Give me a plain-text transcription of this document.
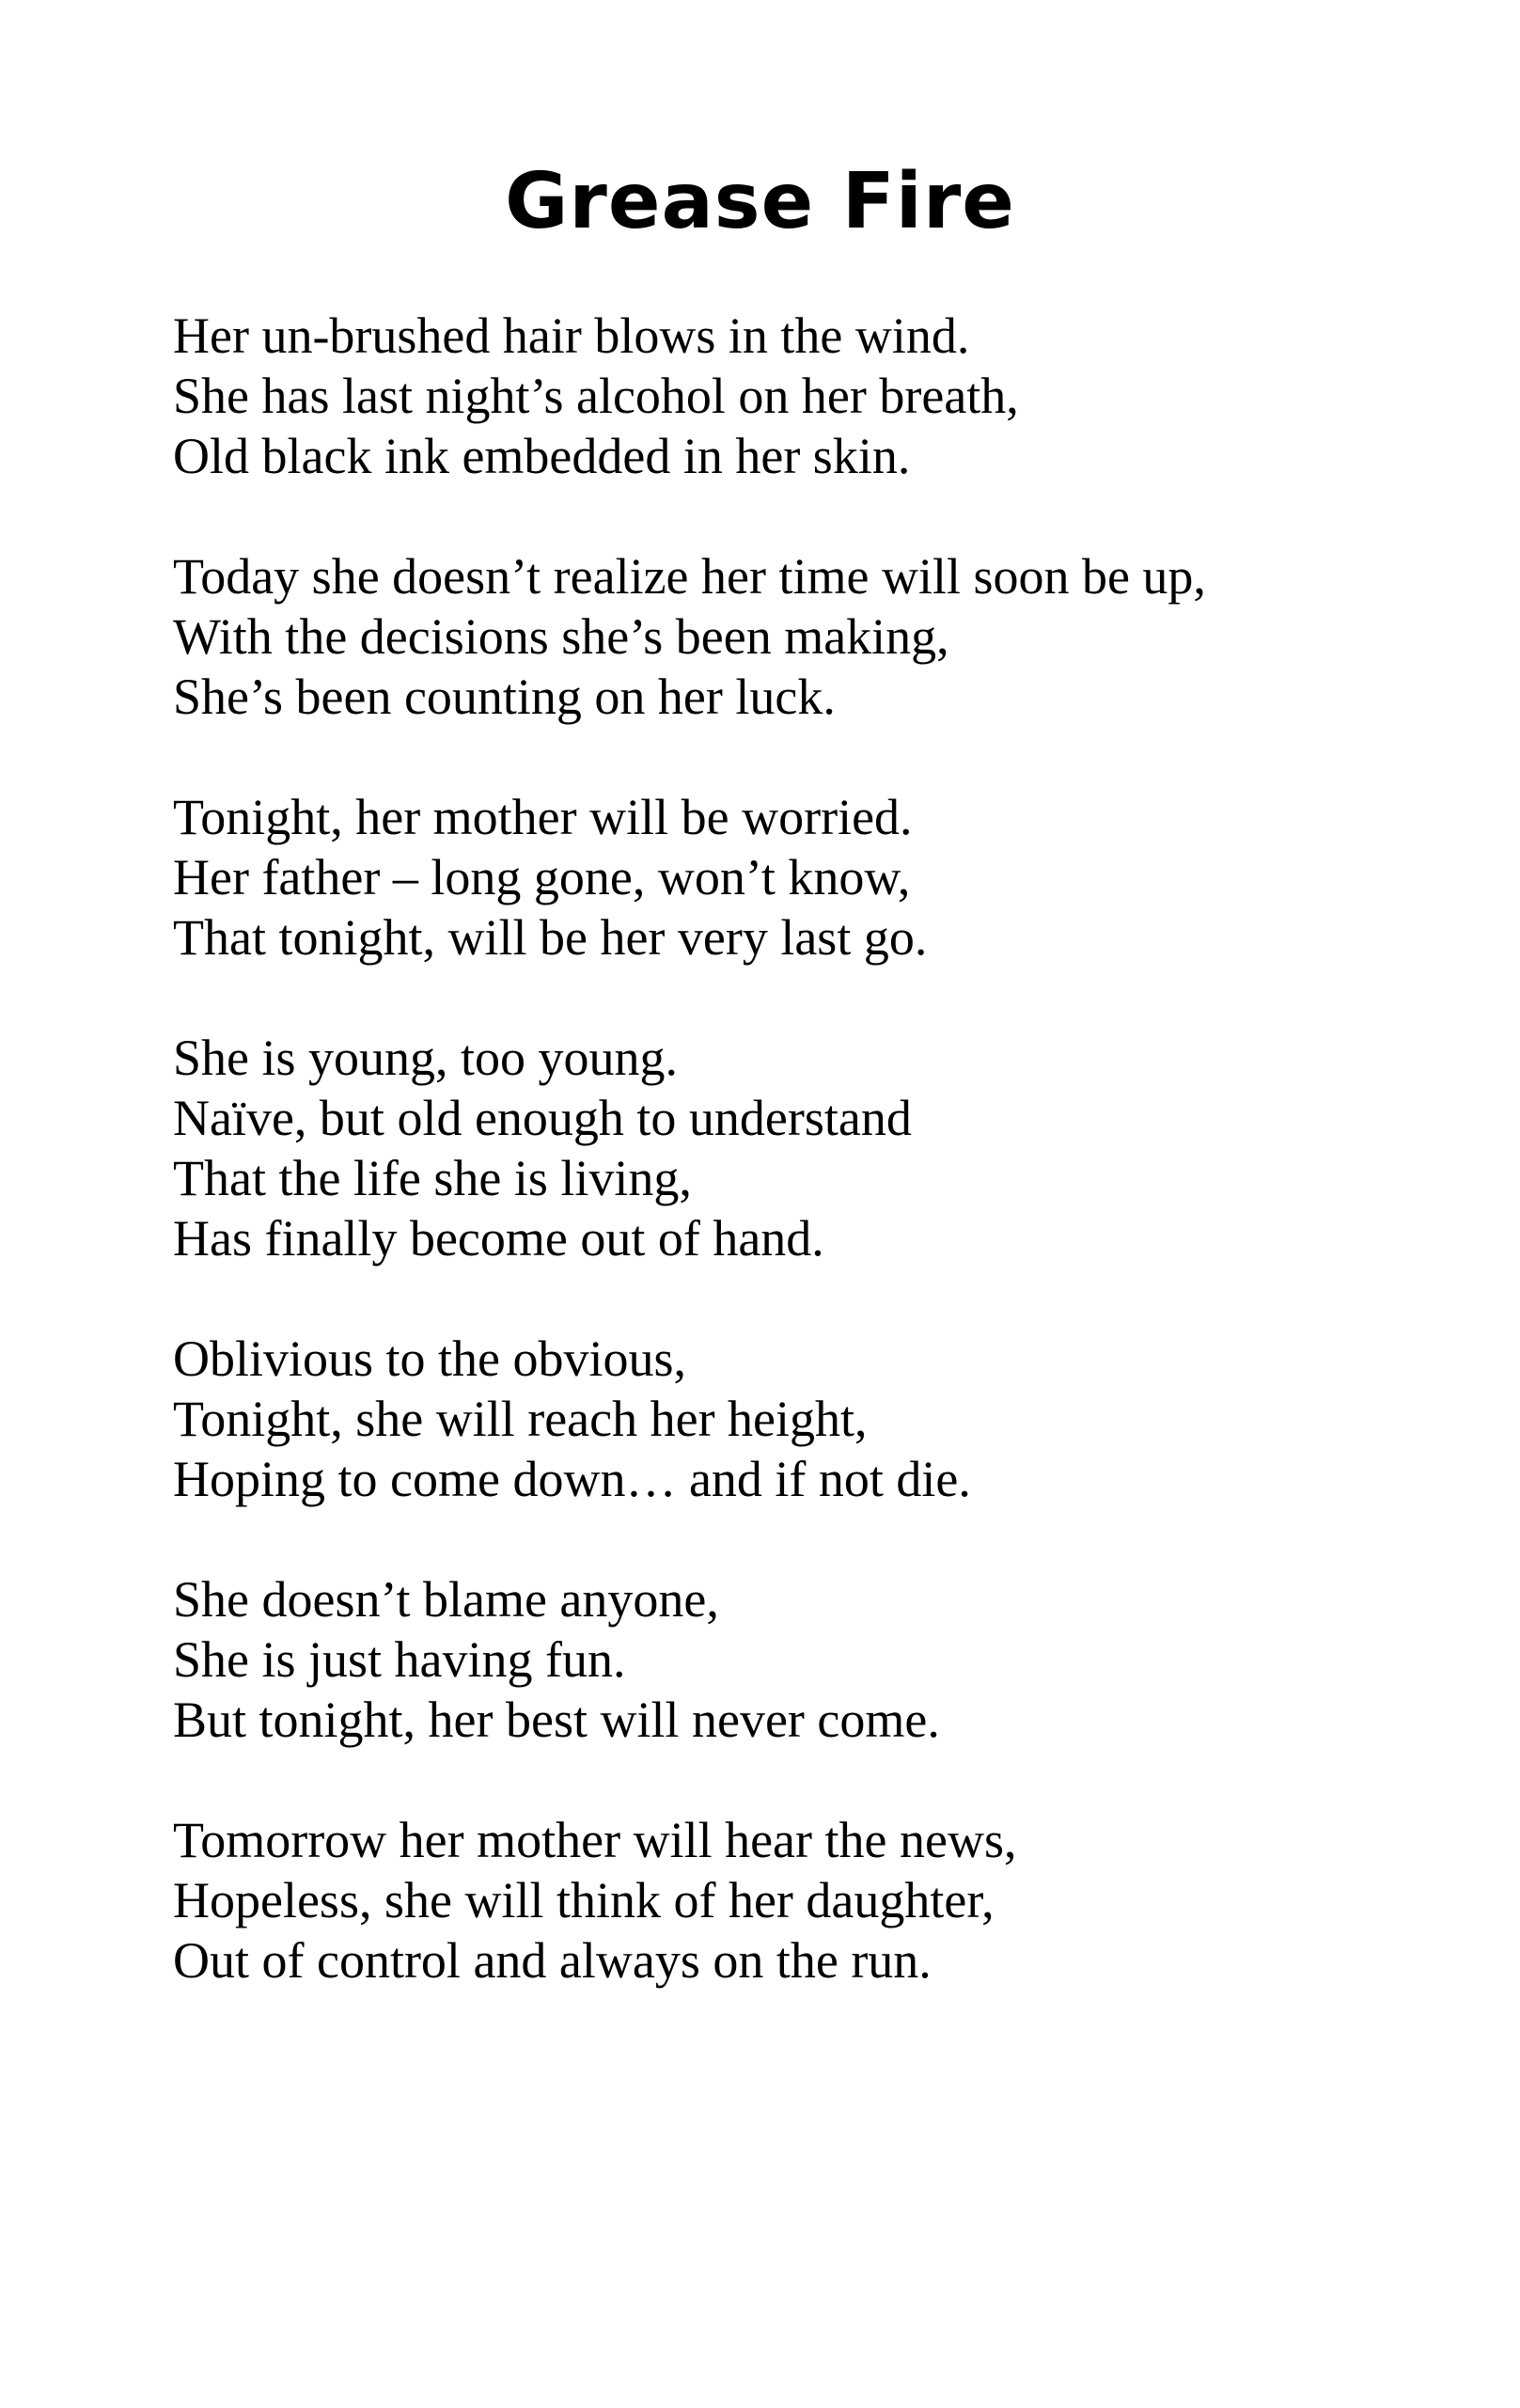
Grease Fire
Her un-brushed hair blows in the wind.
She has last night’s alcohol on her breath,
Old black ink embedded in her skin.
Today she doesn’t realize her time will soon be up,
With the decisions she’s been making,
She’s been counting on her luck.
Tonight, her mother will be worried.
Her father – long gone, won’t know,
That tonight, will be her very last go.
She is young, too young.
Naïve, but old enough to understand
That the life she is living,
Has finally become out of hand.
Oblivious to the obvious,
Tonight, she will reach her height,
Hoping to come down… and if not die.
She doesn’t blame anyone,
She is just having fun.
But tonight, her best will never come.
Tomorrow her mother will hear the news,
Hopeless, she will think of her daughter,
Out of control and always on the run.
